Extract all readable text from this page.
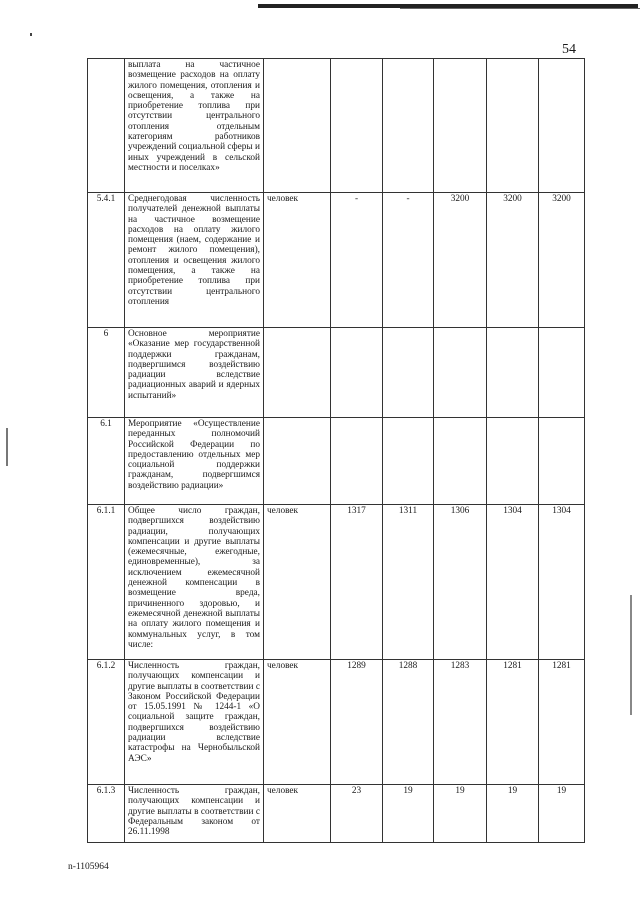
54
	выплата на частичное возмещение расходов на оплату жилого помещения, отопления и освещения, а также на приобретение топлива при отсутствии центрального отопления отдельным категориям работников учреждений социальной сферы и иных учреждений в сельской местности и поселках»						
5.4.1	Среднегодовая численность получателей денежной выплаты на частичное возмещение расходов на оплату жилого помещения (наем, содержание и ремонт жилого помещения), отопления и освещения жилого помещения, а также на приобретение топлива при отсутствии центрального отопления	человек	-	-	3200	3200	3200
6	Основное мероприятие «Оказание мер государственной поддержки гражданам, подвергшимся воздействию радиации вследствие радиационных аварий и ядерных испытаний»						
6.1	Мероприятие «Осуществление переданных полномочий Российской Федерации по предоставлению отдельных мер социальной поддержки гражданам, подвергшимся воздействию радиации»						
6.1.1	Общее число граждан, подвергшихся воздействию радиации, получающих компенсации и другие выплаты (ежемесячные, ежегодные, единовременные), за исключением ежемесячной денежной компенсации в возмещение вреда, причиненного здоровью, и ежемесячной денежной выплаты на оплату жилого помещения и коммунальных услуг, в том числе:	человек	1317	1311	1306	1304	1304
6.1.2	Численность граждан, получающих компенсации и другие выплаты в соответствии с Законом Российской Федерации от 15.05.1991 № 1244-1 «О социальной защите граждан, подвергшихся воздействию радиации вследствие катастрофы на Чернобыльской АЭС»	человек	1289	1288	1283	1281	1281
6.1.3	Численность граждан, получающих компенсации и другие выплаты в соответствии с Федеральным законом от 26.11.1998	человек	23	19	19	19	19
n-1105964
